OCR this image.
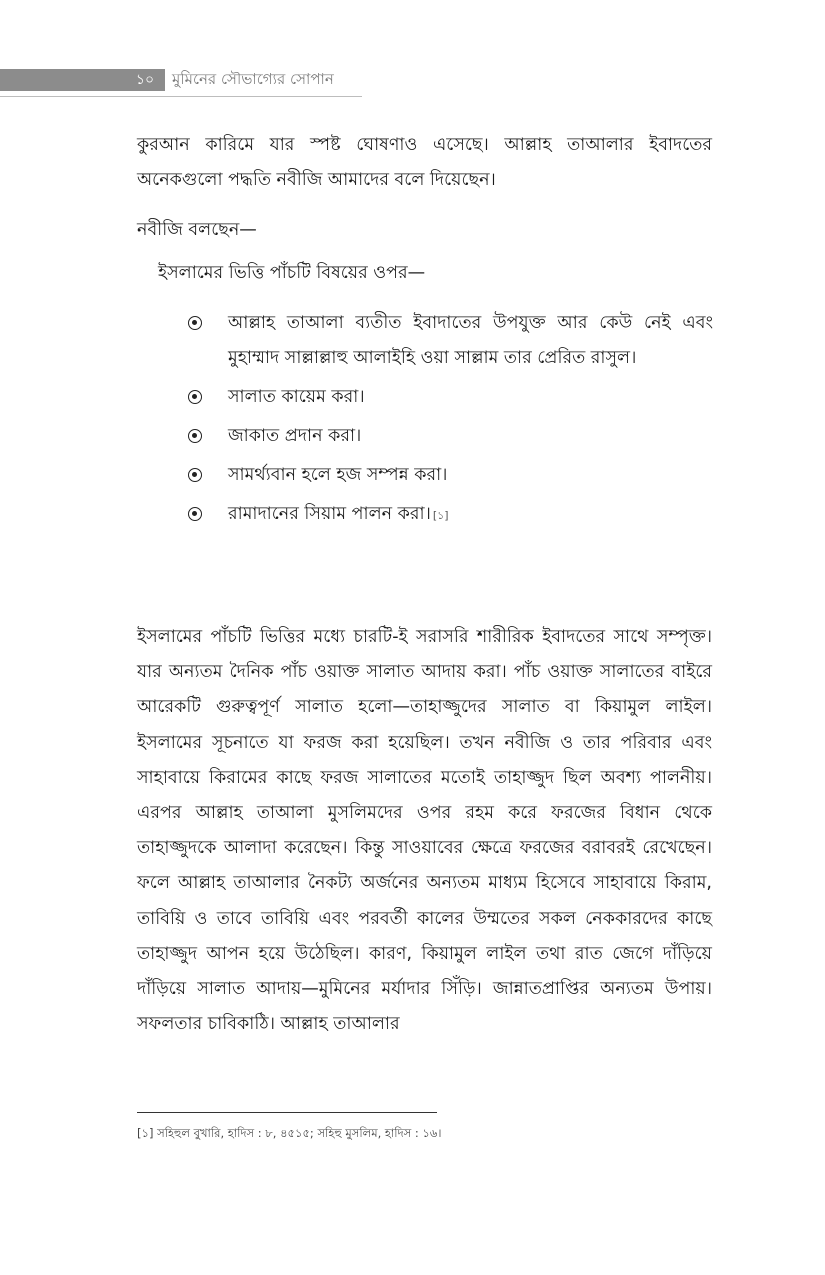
১০	মুমিনের সৌভাগ্যের সোপান

কুরআন কারিমে যার স্পষ্ট ঘোষণাও এসেছে। আল্লাহ তাআলার ইবাদতের অনেকগুলো পদ্ধতি নবীজি আমাদের বলে দিয়েছেন।

নবীজি বলছেন—

ইসলামের ভিত্তি পাঁচটি বিষয়ের ওপর—

আল্লাহ তাআলা ব্যতীত ইবাদাতের উপযুক্ত আর কেউ নেই এবং মুহাম্মাদ সাল্লাল্লাহু আলাইহি ওয়া সাল্লাম তার প্রেরিত রাসুল।
সালাত কায়েম করা।
জাকাত প্রদান করা।
সামর্থ্যবান হলে হজ সম্পন্ন করা।
রামাদানের সিয়াম পালন করা। [১]

ইসলামের পাঁচটি ভিত্তির মধ্যে চারটি-ই সরাসরি শারীরিক ইবাদতের সাথে সম্পৃক্ত। যার অন্যতম দৈনিক পাঁচ ওয়াক্ত সালাত আদায় করা। পাঁচ ওয়াক্ত সালাতের বাইরে আরেকটি গুরুত্বপূর্ণ সালাত হলো—তাহাজ্জুদের সালাত বা কিয়ামুল লাইল। ইসলামের সূচনাতে যা ফরজ করা হয়েছিল। তখন নবীজি ও তার পরিবার এবং সাহাবায়ে কিরামের কাছে ফরজ সালাতের মতোই তাহাজ্জুদ ছিল অবশ্য পালনীয়। এরপর আল্লাহ তাআলা মুসলিমদের ওপর রহম করে ফরজের বিধান থেকে তাহাজ্জুদকে আলাদা করেছেন। কিন্তু সাওয়াবের ক্ষেত্রে ফরজের বরাবরই রেখেছেন। ফলে আল্লাহ তাআলার নৈকট্য অর্জনের অন্যতম মাধ্যম হিসেবে সাহাবায়ে কিরাম, তাবিয়ি ও তাবে তাবিয়ি এবং পরবর্তী কালের উম্মতের সকল নেককারদের কাছে তাহাজ্জুদ আপন হয়ে উঠেছিল। কারণ, কিয়ামুল লাইল তথা রাত জেগে দাঁড়িয়ে দাঁড়িয়ে সালাত আদায়—মুমিনের মর্যাদার সিঁড়ি। জান্নাতপ্রাপ্তির অন্যতম উপায়। সফলতার চাবিকাঠি। আল্লাহ তাআলার

[১] সহিহুল বুখারি, হাদিস : ৮, ৪৫১৫; সহিহু মুসলিম, হাদিস : ১৬।
